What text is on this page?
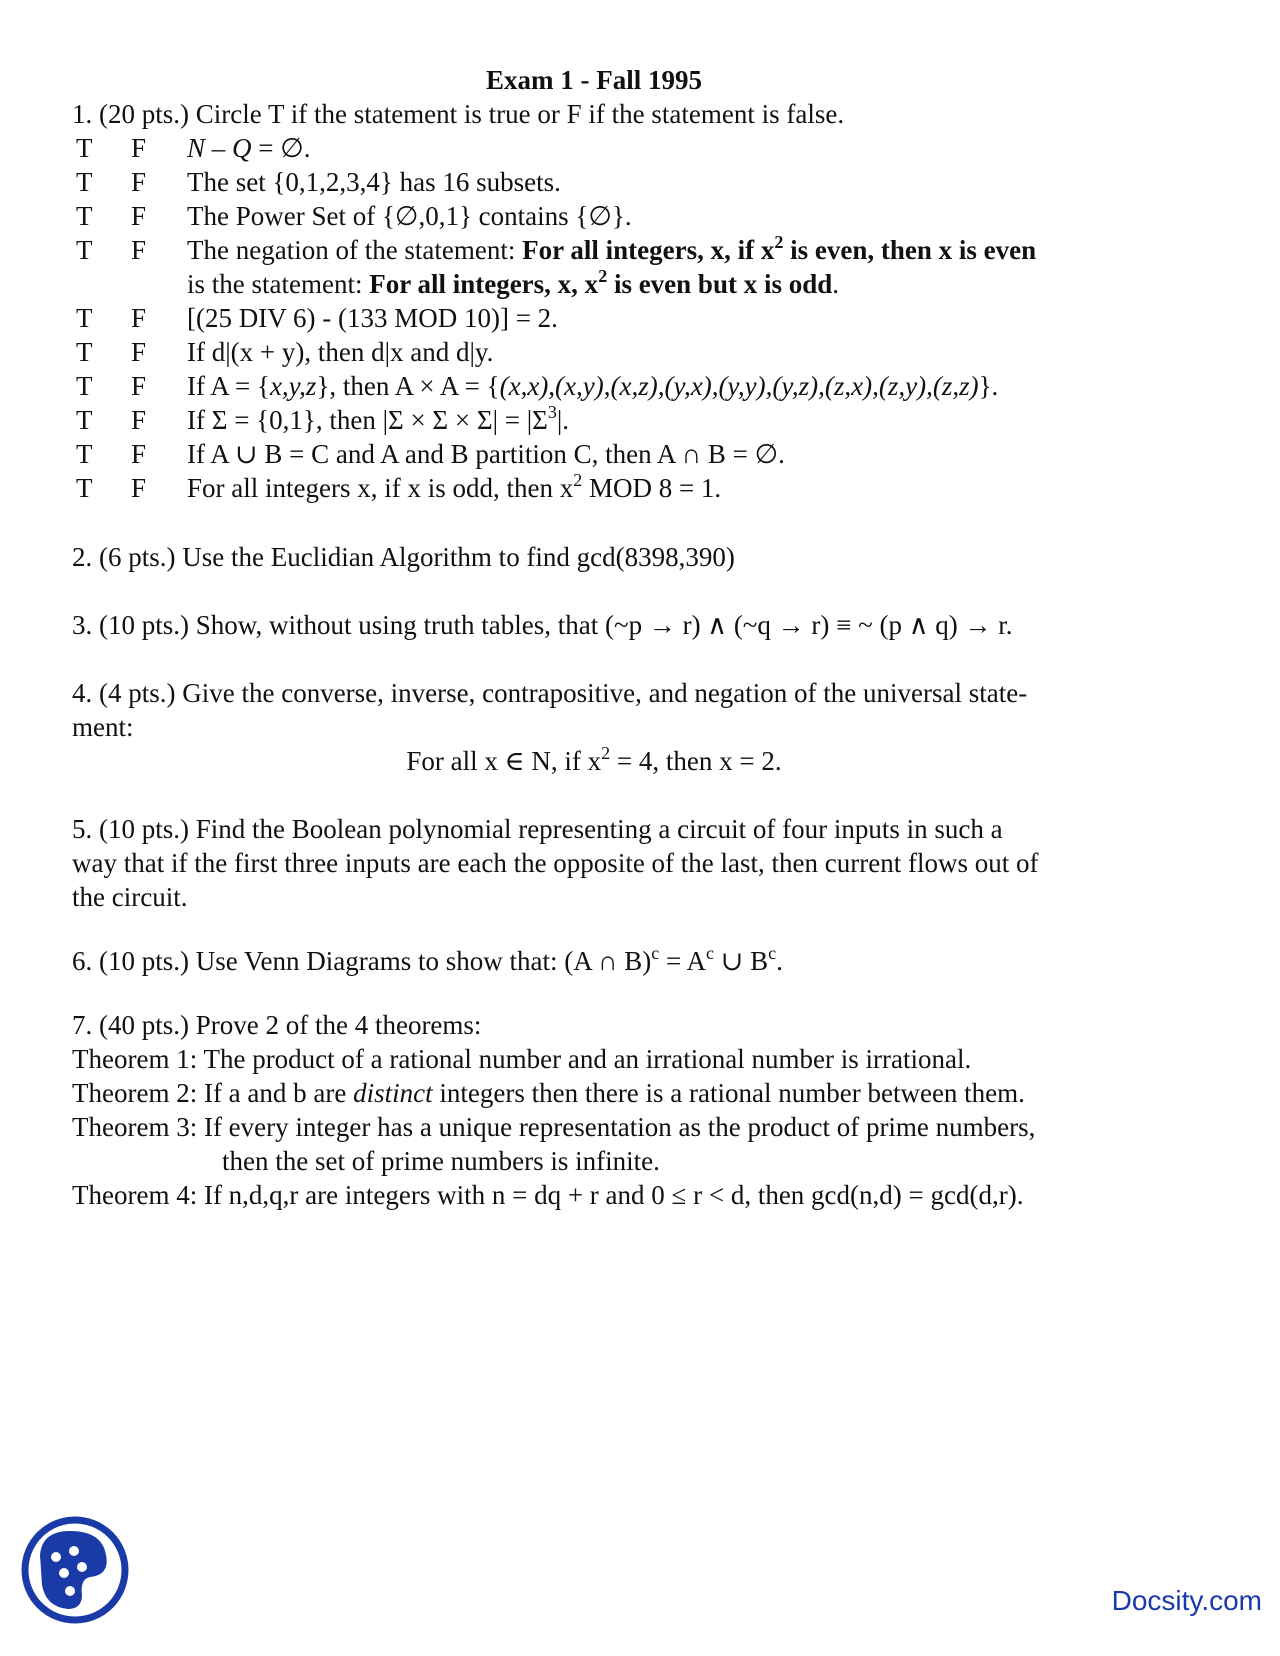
Exam 1 - Fall 1995
1. (20 pts.) Circle T if the statement is true or F if the statement is false.
T F N – Q = ∅.
T F The set {0,1,2,3,4} has 16 subsets.
T F The Power Set of {∅,0,1} contains {∅}.
T F The negation of the statement: For all integers, x, if $x^2$ is even, then x is even
is the statement: For all integers, x, $x^2$ is even but x is odd.
T F [(25 DIV 6) - (133 MOD 10)] = 2.
T F If d|(x + y), then d|x and d|y.
T F If A = {x,y,z}, then A × A = {(x,x),(x,y),(x,z),(y,x),(y,y),(y,z),(z,x),(z,y),(z,z)}.
T F If Σ = {0,1}, then $|\Sigma \times \Sigma \times \Sigma| = |\Sigma^3|$.
T F If A ∪ B = C and A and B partition C, then A ∩ B = ∅.
T F For all integers x, if x is odd, then $x^2$ MOD 8 = 1.
2. (6 pts.) Use the Euclidian Algorithm to find gcd(8398,390)
3. (10 pts.) Show, without using truth tables, that (~p → r) ∧ (~q → r) ≡ ~ (p ∧ q) → r.
4. (4 pts.) Give the converse, inverse, contrapositive, and negation of the universal state-
ment:
For all x ∈ N, if $x^2 = 4$, then x = 2.
5. (10 pts.) Find the Boolean polynomial representing a circuit of four inputs in such a
way that if the first three inputs are each the opposite of the last, then current flows out of
the circuit.
6. (10 pts.) Use Venn Diagrams to show that: (A ∩ $B)^c = A^c$ ∪ $B^c$.
7. (40 pts.) Prove 2 of the 4 theorems:
Theorem 1: The product of a rational number and an irrational number is irrational.
Theorem 2: If a and b are distinct integers then there is a rational number between them.
Theorem 3: If every integer has a unique representation as the product of prime numbers,
then the set of prime numbers is infinite.
Theorem 4: If n,d,q,r are integers with n = dq + r and 0 ≤ r < d, then gcd(n,d) = gcd(d,r).
Docsity.com
